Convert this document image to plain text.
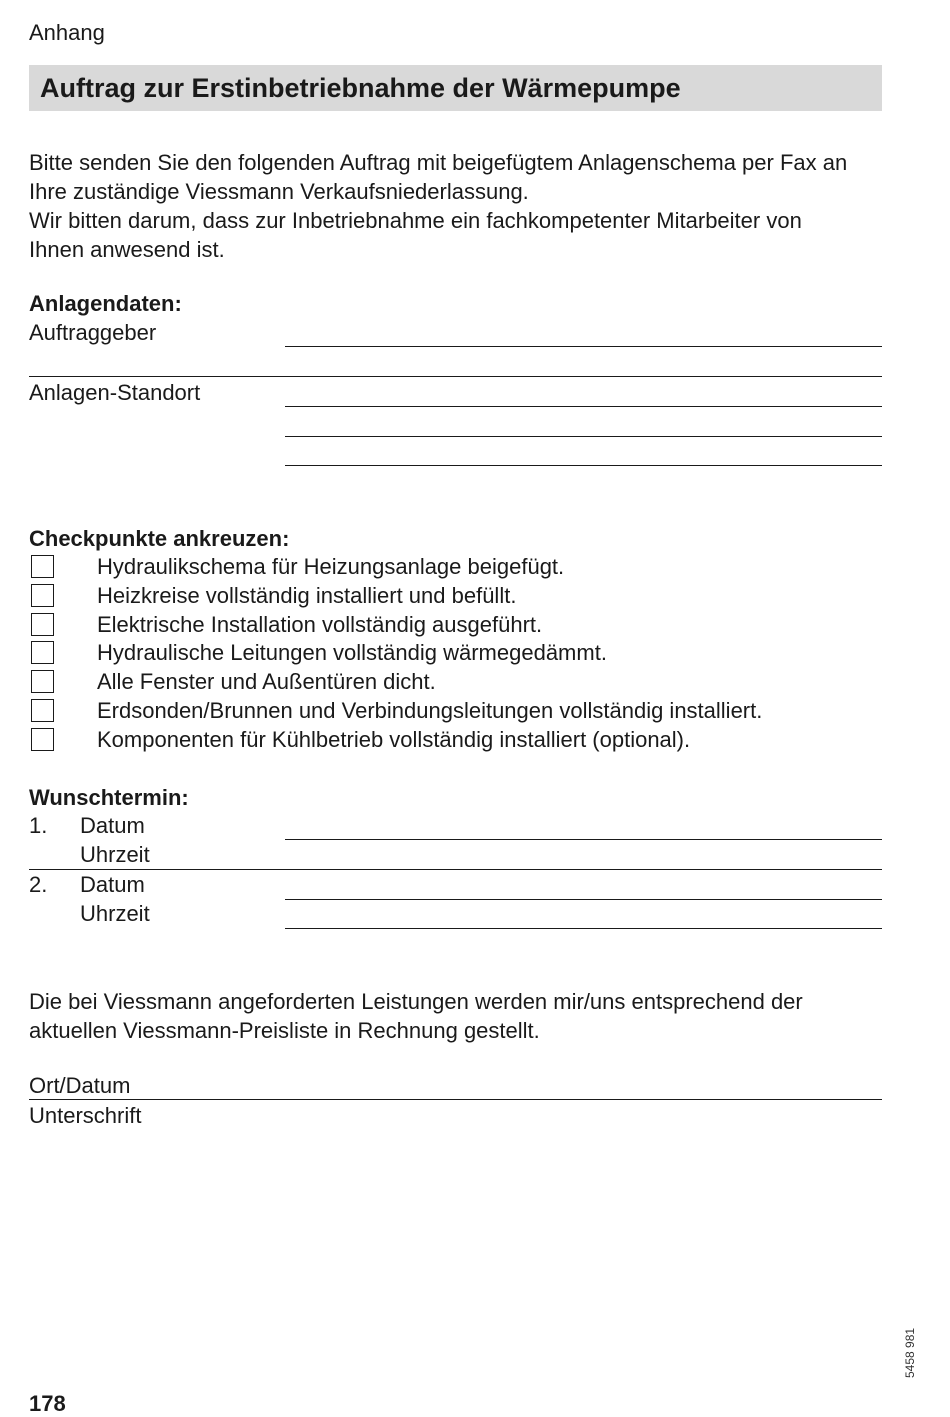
Anhang
Auftrag zur Erstinbetriebnahme der Wärmepumpe
Bitte senden Sie den folgenden Auftrag mit beigefügtem Anlagenschema per Fax an
Ihre zuständige Viessmann Verkaufsniederlassung.
Wir bitten darum, dass zur Inbetriebnahme ein fachkompetenter Mitarbeiter von
Ihnen anwesend ist.
Anlagendaten:
Auftraggeber
Anlagen-Standort
Checkpunkte ankreuzen:
Hydraulikschema für Heizungsanlage beigefügt.
Heizkreise vollständig installiert und befüllt.
Elektrische Installation vollständig ausgeführt.
Hydraulische Leitungen vollständig wärmegedämmt.
Alle Fenster und Außentüren dicht.
Erdsonden/Brunnen und Verbindungsleitungen vollständig installiert.
Komponenten für Kühlbetrieb vollständig installiert (optional).
Wunschtermin:
1. Datum
Uhrzeit
2. Datum
Uhrzeit
Die bei Viessmann angeforderten Leistungen werden mir/uns entsprechend der
aktuellen Viessmann-Preisliste in Rechnung gestellt.
Ort/Datum
Unterschrift
5458 981
178
